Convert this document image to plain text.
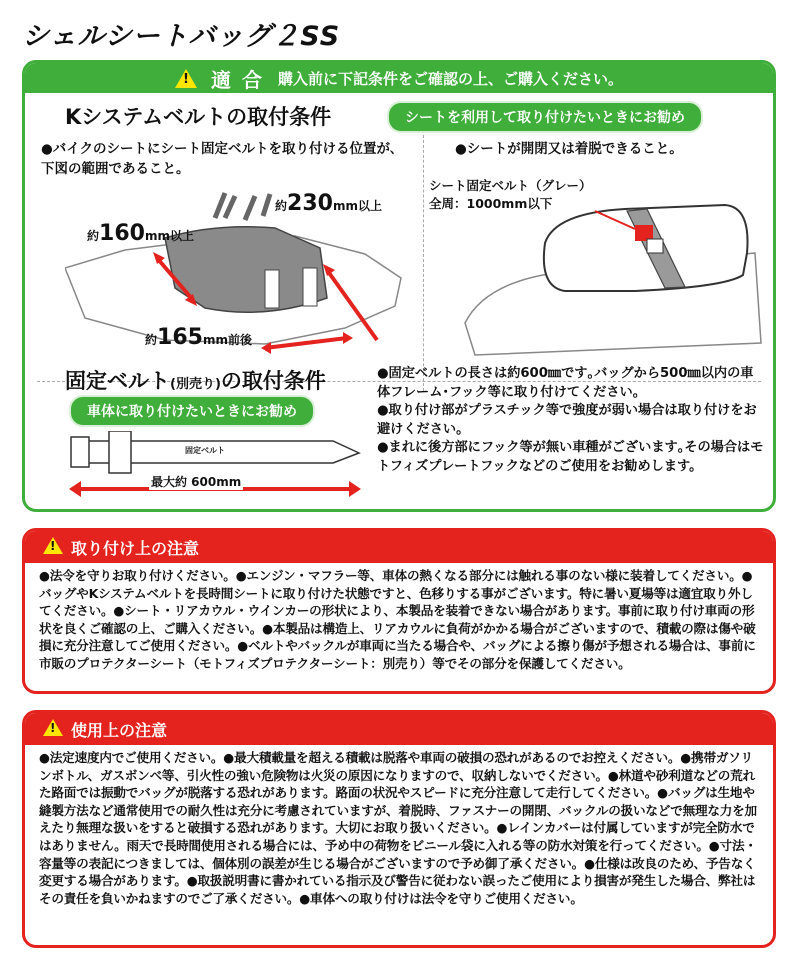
シェルシートバッグ２SS
! 適 合 購入前に下記条件をご確認の上、ご購入ください。
Kシステムベルトの取付条件	シートを利用して取り付けたいときにお勧め
●バイクのシートにシート固定ベルトを取り付ける位置が､下図の範囲であること。
●シートが開閉又は着脱できること。
約160mm以上
約230mm以上
約165mm前後
シート固定ベルト（グレー）
全周：1000mm以下
固定ベルト(別売り)の取付条件
車体に取り付けたいときにお勧め
固定ベルト
最大約 600mm
●固定ベルトの長さは約600㎜です｡バッグから500㎜以内の車体フレーム･フック等に取り付けてください｡
●取り付け部がプラスチック等で強度が弱い場合は取り付けをお避けください。
●まれに後方部にフック等が無い車種がございます｡その場合はモトフィズプレートフックなどのご使用をお勧めします。
! 取り付け上の注意
●法令を守りお取り付けください。●エンジン・マフラー等、車体の熱くなる部分には触れる事のない様に装着してください。●バッグやKシステムベルトを長時間シートに取り付けた状態ですと、色移りする事がございます。特に暑い夏場等は適宜取り外してください。●シート・リアカウル・ウインカーの形状により、本製品を装着できない場合があります。事前に取り付け車両の形状を良くご確認の上、ご購入ください。●本製品は構造上、リアカウルに負荷がかかる場合がございますので、積載の際は傷や破損に充分注意してご使用ください。●ベルトやバックルが車両に当たる場合や、バッグによる擦り傷が予想される場合は、事前に市販のプロテクターシート（モトフィズプロテクターシート：別売り）等でその部分を保護してください。
! 使用上の注意
●法定速度内でご使用ください。●最大積載量を超える積載は脱落や車両の破損の恐れがあるのでお控えください。●携帯ガソリンボトル、ガスボンベ等、引火性の強い危険物は火災の原因になりますので、収納しないでください。●林道や砂利道などの荒れた路面では振動でバッグが脱落する恐れがあります。路面の状況やスピードに充分注意して走行してください。●バッグは生地や縫製方法など通常使用での耐久性は充分に考慮されていますが、着脱時、ファスナーの開閉、バックルの扱いなどで無理な力を加えたり無理な扱いをすると破損する恐れがあります。大切にお取り扱いください。●レインカバーは付属していますが完全防水ではありません。雨天で長時間使用される場合には、予め中の荷物をビニール袋に入れる等の防水対策を行ってください。●寸法・容量等の表記につきましては、個体別の誤差が生じる場合がございますので予め御了承ください。●仕様は改良のため、予告なく変更する場合があります。●取扱説明書に書かれている指示及び警告に従わない誤ったご使用により損害が発生した場合、弊社はその責任を負いかねますのでご了承ください。●車体への取り付けは法令を守りご使用ください。
